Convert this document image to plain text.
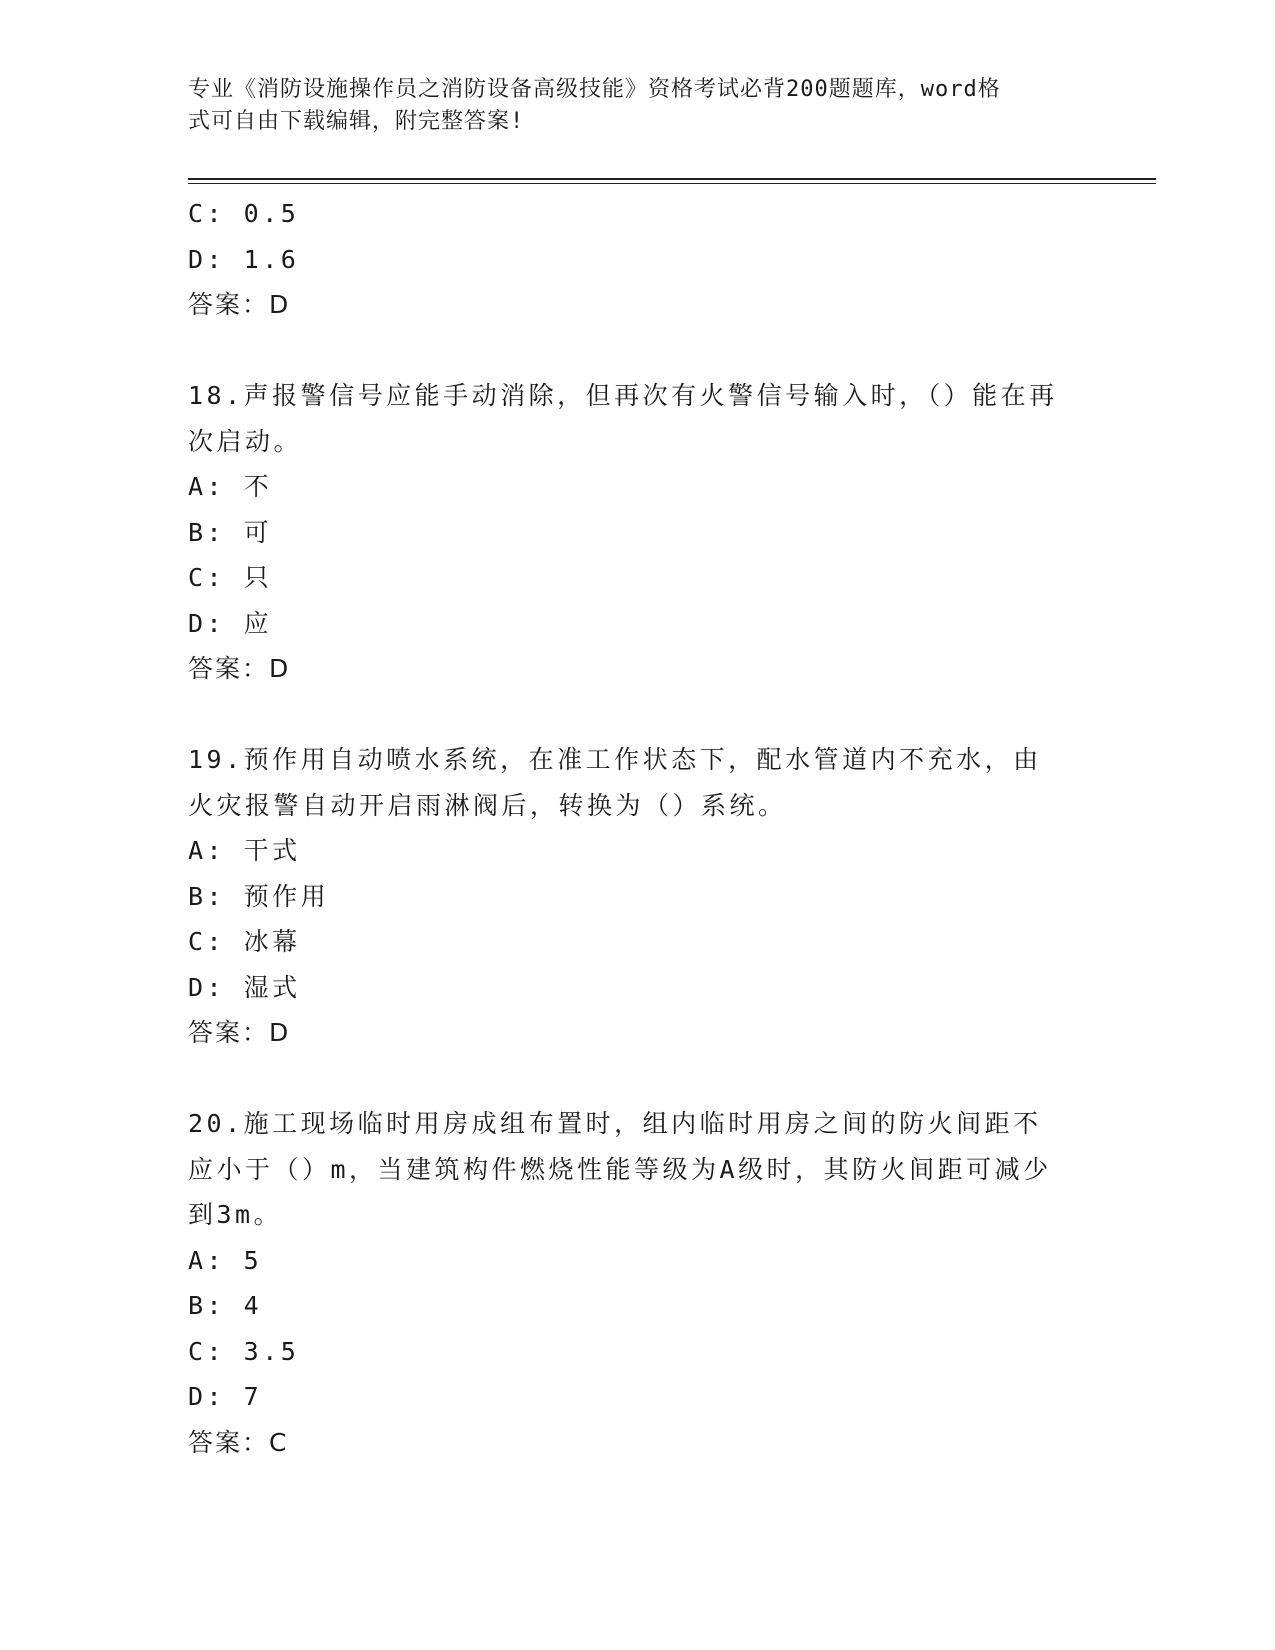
专业《消防设施操作员之消防设备高级技能》资格考试必背200题题库，word格
式可自由下载编辑，附完整答案!
C: 0.5
D: 1.6
答案：D
18.声报警信号应能手动消除，但再次有火警信号输入时，（）能在再次启动。
A: 不
B: 可
C: 只
D: 应
答案：D
19.预作用自动喷水系统，在准工作状态下，配水管道内不充水，由火灾报警自动开启雨淋阀后，转换为（）系统。
A: 干式
B: 预作用
C: 冰幕
D: 湿式
答案：D
20.施工现场临时用房成组布置时，组内临时用房之间的防火间距不应小于（）m，当建筑构件燃烧性能等级为A级时，其防火间距可减少到3m。
A: 5
B: 4
C: 3.5
D: 7
答案：C
